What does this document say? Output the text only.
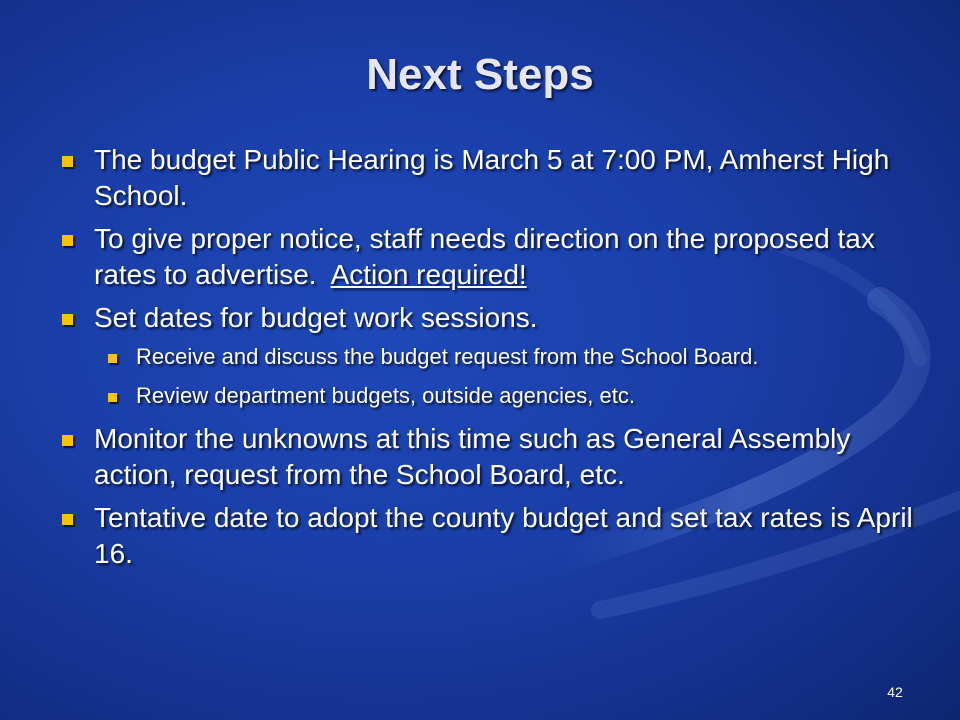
Next Steps
The budget Public Hearing is March 5 at 7:00 PM, Amherst High School.
To give proper notice, staff needs direction on the proposed tax rates to advertise. Action required!
Set dates for budget work sessions.
Receive and discuss the budget request from the School Board.
Review department budgets, outside agencies, etc.
Monitor the unknowns at this time such as General Assembly action, request from the School Board, etc.
Tentative date to adopt the county budget and set tax rates is April 16.
42
